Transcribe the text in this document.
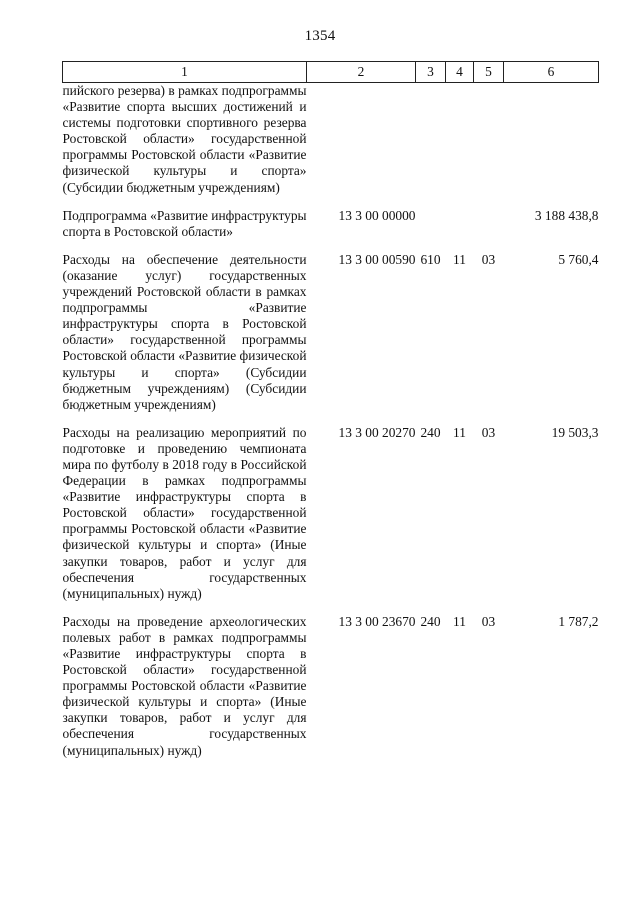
1354
1	2	3	4	5	6
пийского резерва) в рамках подпрограммы «Развитие спорта высших достижений и системы подготовки спортивного резерва Ростовской области» государственной программы Ростовской области «Развитие физической культуры и спорта» (Субсидии бюджетным учреждениям)					

Подпрограмма «Развитие инфраструктуры спорта в Ростовской области»	13 3 00 00000				3 188 438,8

Расходы на обеспечение деятельности (оказание услуг) государственных учреждений Ростовской области в рамках подпрограммы «Развитие инфраструктуры спорта в Ростовской области» государственной программы Ростовской области «Развитие физической культуры и спорта» (Субсидии бюджетным учреждениям) (Субсидии бюджетным учреждениям)	13 3 00 00590	610	11	03	5 760,4

Расходы на реализацию мероприятий по подготовке и проведению чемпионата мира по футболу в 2018 году в Российской Федерации в рамках подпрограммы «Развитие инфраструктуры спорта в Ростовской области» государственной программы Ростовской области «Развитие физической культуры и спорта» (Иные закупки товаров, работ и услуг для обеспечения государственных (муниципальных) нужд)	13 3 00 20270	240	11	03	19 503,3

Расходы на проведение археологических полевых работ в рамках подпрограммы «Развитие инфраструктуры спорта в Ростовской области» государственной программы Ростовской области «Развитие физической культуры и спорта» (Иные закупки товаров, работ и услуг для обеспечения государственных (муниципальных) нужд)	13 3 00 23670	240	11	03	1 787,2
